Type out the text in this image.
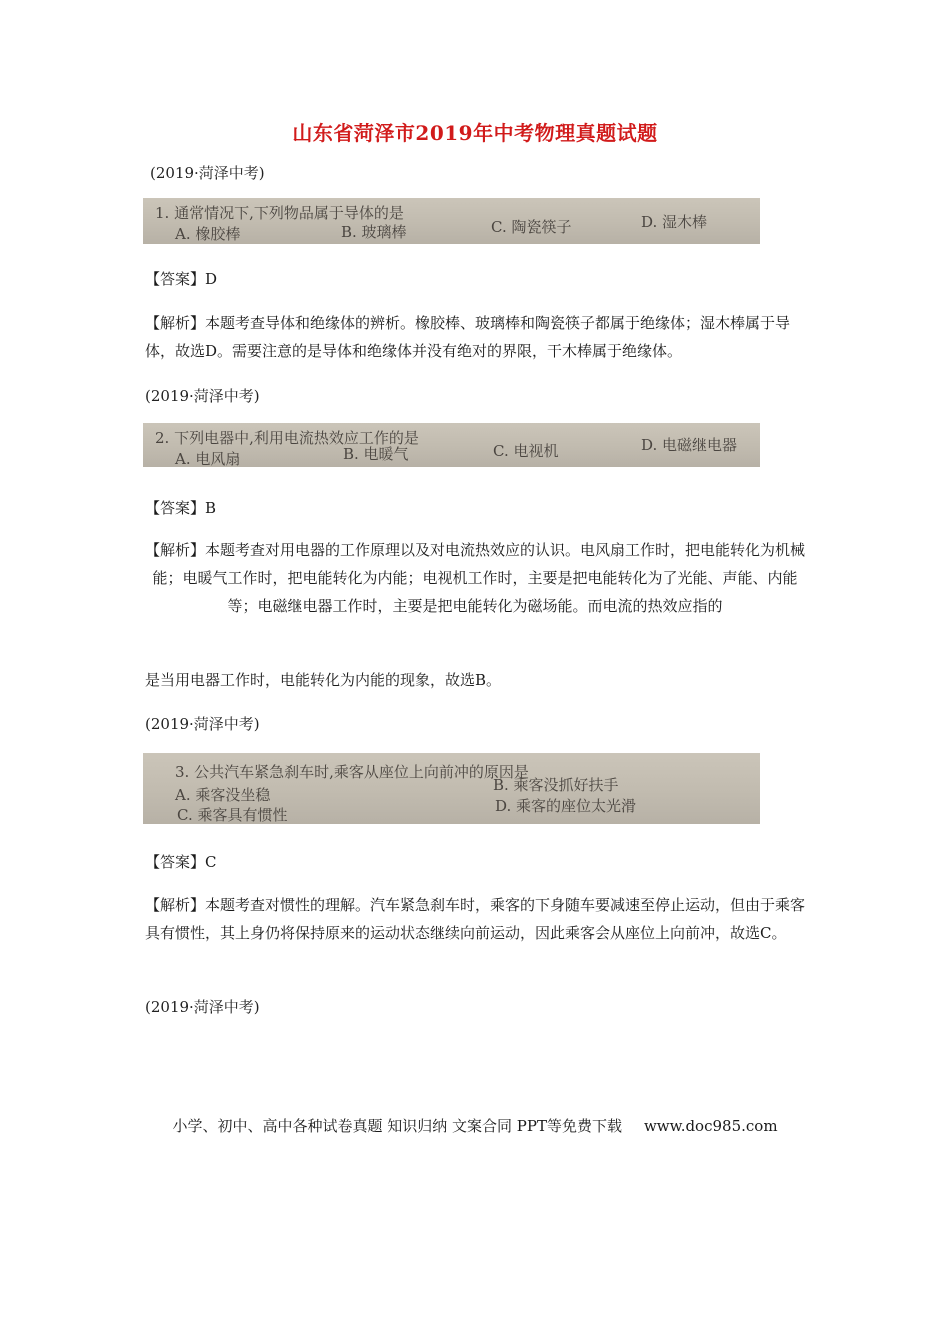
山东省菏泽市2019年中考物理真题试题
(2019·菏泽中考)
1. 通常情况下,下列物品属于导体的是
A. 橡胶棒	B. 玻璃棒	C. 陶瓷筷子	D. 湿木棒
【答案】D
【解析】本题考查导体和绝缘体的辨析。橡胶棒、玻璃棒和陶瓷筷子都属于绝缘体；湿木棒属于导体，故选D。需要注意的是导体和绝缘体并没有绝对的界限，干木棒属于绝缘体。
(2019·菏泽中考)
2. 下列电器中,利用电流热效应工作的是
A. 电风扇	B. 电暖气	C. 电视机	D. 电磁继电器
【答案】B
【解析】本题考查对用电器的工作原理以及对电流热效应的认识。电风扇工作时，把电能转化为机械能；电暖气工作时，把电能转化为内能；电视机工作时，主要是把电能转化为了光能、声能、内能等；电磁继电器工作时，主要是把电能转化为磁场能。而电流的热效应指的
是当用电器工作时，电能转化为内能的现象，故选B。
(2019·菏泽中考)
3. 公共汽车紧急刹车时,乘客从座位上向前冲的原因是
A. 乘客没坐稳
B. 乘客没抓好扶手
C. 乘客具有惯性	D. 乘客的座位太光滑
【答案】C
【解析】本题考查对惯性的理解。汽车紧急刹车时，乘客的下身随车要减速至停止运动，但由于乘客具有惯性，其上身仍将保持原来的运动状态继续向前运动，因此乘客会从座位上向前冲，故选C。
(2019·菏泽中考)
小学、初中、高中各种试卷真题 知识归纳 文案合同 PPT等免费下载 www.doc985.com
